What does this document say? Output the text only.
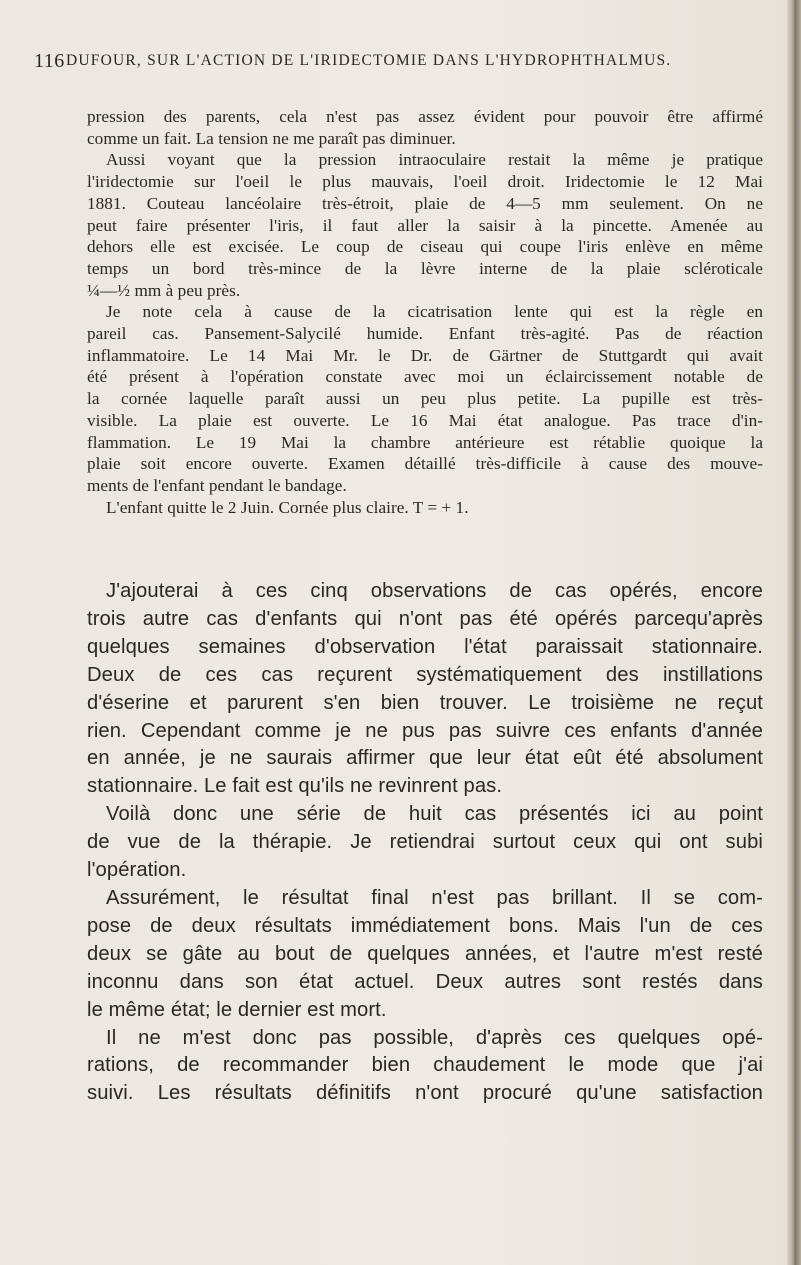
116 DUFOUR, SUR L'ACTION DE L'IRIDECTOMIE DANS L'HYDROPHTHALMUS.
pression des parents, cela n'est pas assez évident pour pouvoir être affirmé
comme un fait. La tension ne me paraît pas diminuer.
Aussi voyant que la pression intraoculaire restait la même je pratique
l'iridectomie sur l'oeil le plus mauvais, l'oeil droit. Iridectomie le 12 Mai
1881. Couteau lancéolaire très-étroit, plaie de 4—5 mm seulement. On ne
peut faire présenter l'iris, il faut aller la saisir à la pincette. Amenée au
dehors elle est excisée. Le coup de ciseau qui coupe l'iris enlève en même
temps un bord très-mince de la lèvre interne de la plaie scléroticale
¼—½ mm à peu près.
Je note cela à cause de la cicatrisation lente qui est la règle en
pareil cas. Pansement-Salycilé humide. Enfant très-agité. Pas de réaction
inflammatoire. Le 14 Mai Mr. le Dr. de Gärtner de Stuttgardt qui avait
été présent à l'opération constate avec moi un éclaircissement notable de
la cornée laquelle paraît aussi un peu plus petite. La pupille est très-
visible. La plaie est ouverte. Le 16 Mai état analogue. Pas trace d'in-
flammation. Le 19 Mai la chambre antérieure est rétablie quoique la
plaie soit encore ouverte. Examen détaillé très-difficile à cause des mouve-
ments de l'enfant pendant le bandage.
L'enfant quitte le 2 Juin. Cornée plus claire. T = + 1.
J'ajouterai à ces cinq observations de cas opérés, encore
trois autre cas d'enfants qui n'ont pas été opérés parcequ'après
quelques semaines d'observation l'état paraissait stationnaire.
Deux de ces cas reçurent systématiquement des instillations
d'éserine et parurent s'en bien trouver. Le troisième ne reçut
rien. Cependant comme je ne pus pas suivre ces enfants d'année
en année, je ne saurais affirmer que leur état eût été absolument
stationnaire. Le fait est qu'ils ne revinrent pas.
Voilà donc une série de huit cas présentés ici au point
de vue de la thérapie. Je retiendrai surtout ceux qui ont subi
l'opération.
Assurément, le résultat final n'est pas brillant. Il se com-
pose de deux résultats immédiatement bons. Mais l'un de ces
deux se gâte au bout de quelques années, et l'autre m'est resté
inconnu dans son état actuel. Deux autres sont restés dans
le même état; le dernier est mort.
Il ne m'est donc pas possible, d'après ces quelques opé-
rations, de recommander bien chaudement le mode que j'ai
suivi. Les résultats définitifs n'ont procuré qu'une satisfaction
